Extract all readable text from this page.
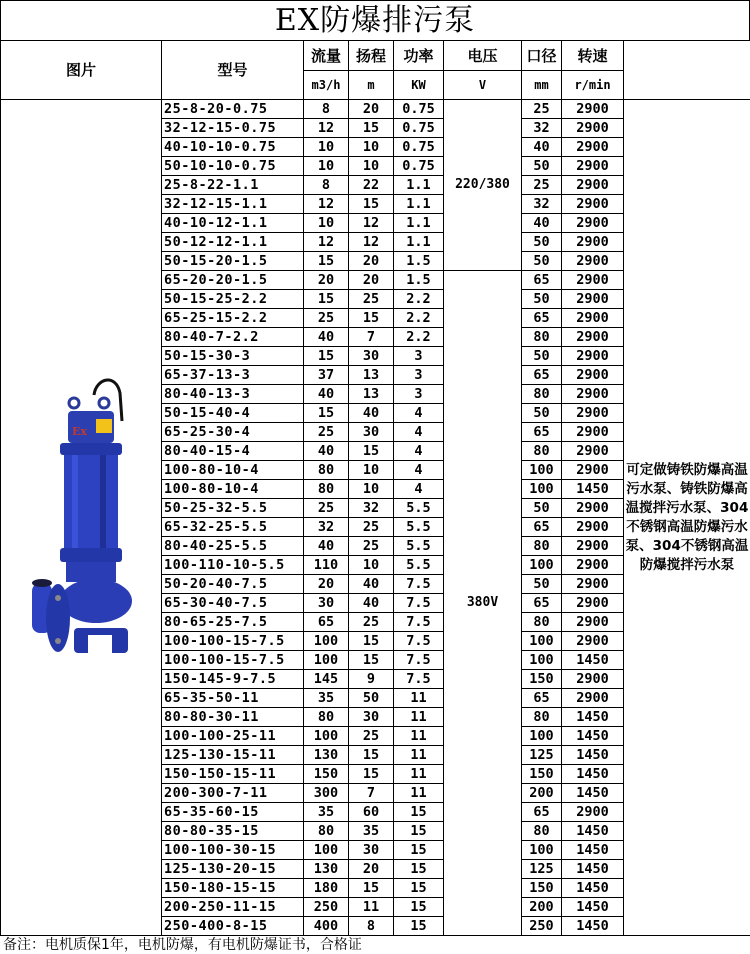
EX防爆排污泵
图片	型号	流量	扬程	功率	电压	口径	转速	
		m3/h	m	KW	V	mm	r/min	

Ex	25-8-20-0.75	8	20	0.75	220/380	25	2900	可定做铸铁防爆高温污水泵、铸铁防爆高温搅拌污水泵、304不锈钢高温防爆污水泵、304不锈钢高温防爆搅拌污水泵
	32-12-15-0.75	12	15	0.75		32	2900	
	40-10-10-0.75	10	10	0.75		40	2900	
	50-10-10-0.75	10	10	0.75		50	2900	
	25-8-22-1.1	8	22	1.1		25	2900	
	32-12-15-1.1	12	15	1.1		32	2900	
	40-10-12-1.1	10	12	1.1		40	2900	
	50-12-12-1.1	12	12	1.1		50	2900	
	50-15-20-1.5	15	20	1.5		50	2900	
	65-20-20-1.5	20	20	1.5	380V	65	2900	
	50-15-25-2.2	15	25	2.2		50	2900	
	65-25-15-2.2	25	15	2.2		65	2900	
	80-40-7-2.2	40	7	2.2		80	2900	
	50-15-30-3	15	30	3		50	2900	
	65-37-13-3	37	13	3		65	2900	
	80-40-13-3	40	13	3		80	2900	
	50-15-40-4	15	40	4		50	2900	
	65-25-30-4	25	30	4		65	2900	
	80-40-15-4	40	15	4		80	2900	
	100-80-10-4	80	10	4		100	2900	
	100-80-10-4	80	10	4		100	1450	
	50-25-32-5.5	25	32	5.5		50	2900	
	65-32-25-5.5	32	25	5.5		65	2900	
	80-40-25-5.5	40	25	5.5		80	2900	
	100-110-10-5.5	110	10	5.5		100	2900	
	50-20-40-7.5	20	40	7.5		50	2900	
	65-30-40-7.5	30	40	7.5		65	2900	
	80-65-25-7.5	65	25	7.5		80	2900	
	100-100-15-7.5	100	15	7.5		100	2900	
	100-100-15-7.5	100	15	7.5		100	1450	
	150-145-9-7.5	145	9	7.5		150	2900	
	65-35-50-11	35	50	11		65	2900	
	80-80-30-11	80	30	11		80	1450	
	100-100-25-11	100	25	11		100	1450	
	125-130-15-11	130	15	11		125	1450	
	150-150-15-11	150	15	11		150	1450	
	200-300-7-11	300	7	11		200	1450	
	65-35-60-15	35	60	15		65	2900	
	80-80-35-15	80	35	15		80	1450	
	100-100-30-15	100	30	15		100	1450	
	125-130-20-15	130	20	15		125	1450	
	150-180-15-15	180	15	15		150	1450	
	200-250-11-15	250	11	15		200	1450	
	250-400-8-15	400	8	15		250	1450	
备注：电机质保1年，电机防爆，有电机防爆证书，合格证
